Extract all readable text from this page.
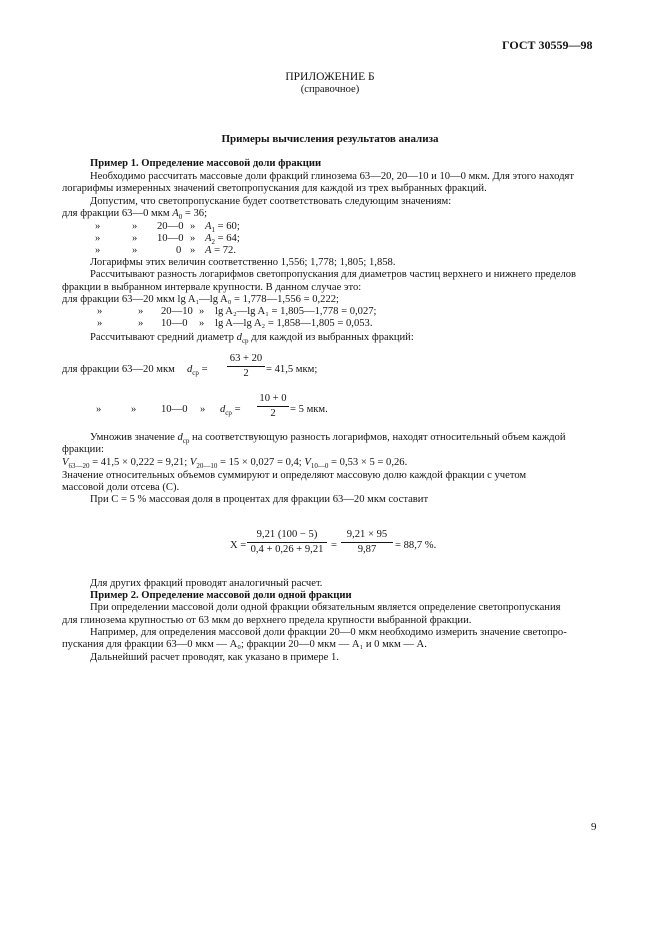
ГОСТ 30559—98
ПРИЛОЖЕНИЕ Б
(справочное)
Примеры вычисления результатов анализа
Пример 1. Определение массовой доли фракции
Необходимо рассчитать массовые доли фракций глинозема 63—20, 20—10 и 10—0 мкм. Для этого находят
логарифмы измеренных значений светопропускания для каждой из трех выбранных фракций.
Допустим, что светопропускание будет соответствовать следующим значениям:
для фракции 63—0 мкм $A_0 = 36$;
»	» 20—0 » $A_1 = 60$;
»	» 10—0 » $A_2 = 64$;
»	»	0 » A = 72.
Логарифмы этих величин соответственно 1,556; 1,778; 1,805; 1,858.
Рассчитывают разность логарифмов светопропускания для диаметров частиц верхнего и нижнего пределов
фракции в выбранном интервале крупности. В данном случае это:
для фракции 63—20 мкм lg A₁—lg A₀ = 1,778—1,556 = 0,222;
»	» 20—10 » lg A₂—lg A₁ = 1,805—1,778 = 0,027;
»	» 10—0 » lg A—lg A₂ = 1,858—1,805 = 0,053.
Рассчитывают средний диаметр $d_{ср}$ для каждой из выбранных фракций:
для фракции 63—20 мкм $d_{ср} = \frac{63 + 20}{2} = 41,5$ мкм;
»	» 10—0 » $d_{ср} = \frac{10 + 0}{2} = 5$ мкм.
Умножив значение $d_{ср}$ на соответствующую разность логарифмов, находят относительный объем каждой
фракции:
$V_{63—20} = 41,5 \times 0,222 = 9,21$; $V_{20—10} = 15 \times 0,027 = 0,4$; $V_{10—0} = 0,53 \times 5 = 0,26$.
Значение относительных объемов суммируют и определяют массовую долю каждой фракции с учетом
массовой доли отсева (C).
При C = 5 % массовая доля в процентах для фракции 63—20 мкм составит
$X = \frac{9,21 (100 - 5)}{0,4 + 0,26 + 9,21} = \frac{9,21 \times 95}{9,87} = 88,7$ %.
Для других фракций проводят аналогичный расчет.
Пример 2. Определение массовой доли одной фракции
При определении массовой доли одной фракции обязательным является определение светопропускания
для глинозема крупностью от 63 мкм до верхнего предела крупности выбранной фракции.
Например, для определения массовой доли фракции 20—0 мкм необходимо измерить значение светопро-
пускания для фракции 63—0 мкм — A₀; фракции 20—0 мкм — A₁ и 0 мкм — A.
Дальнейший расчет проводят, как указано в примере 1.
9
